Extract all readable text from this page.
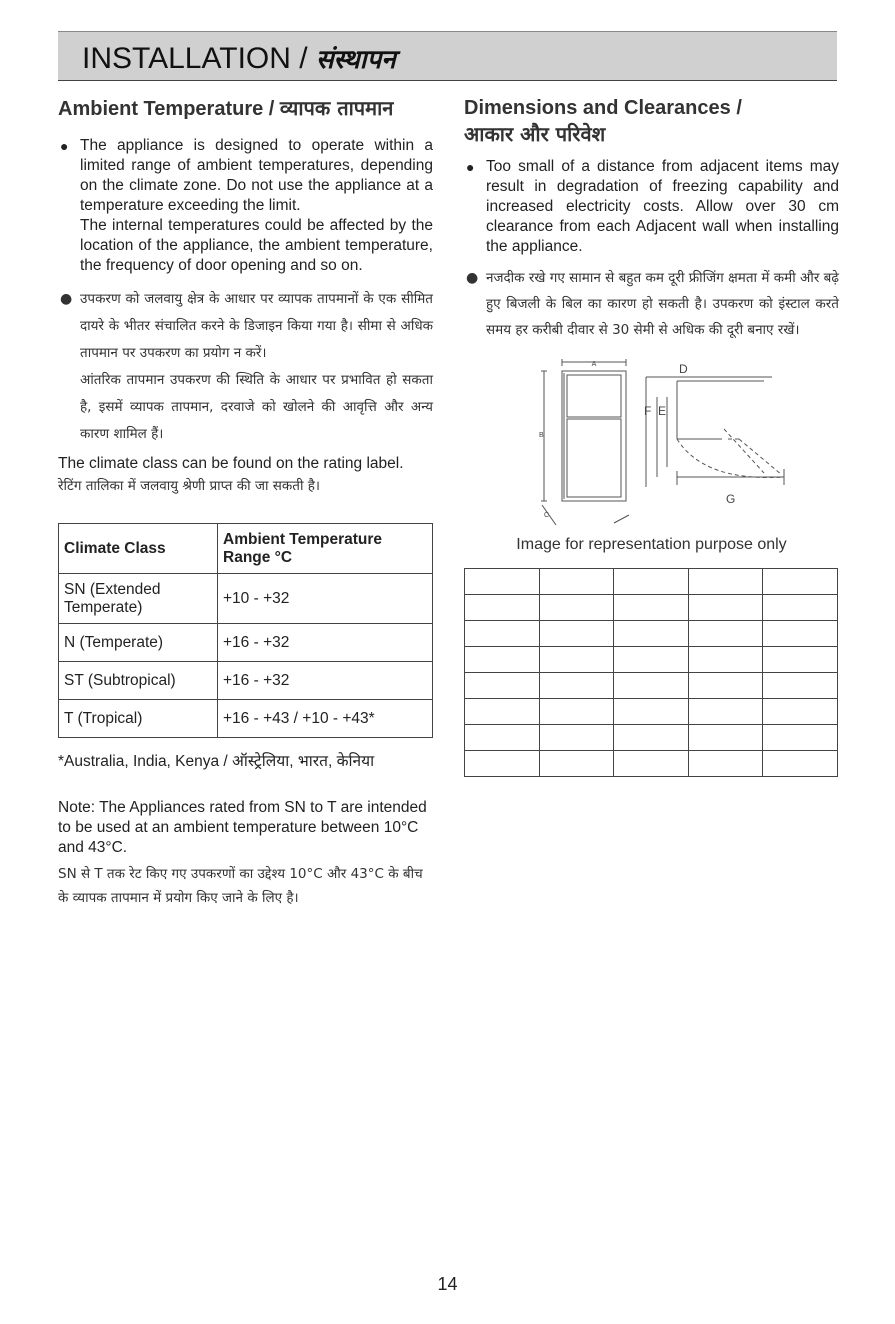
INSTALLATION / संस्थापन
Ambient Temperature / व्यापक तापमान
● The appliance is designed to operate within a limited range of ambient temperatures, depending on the climate zone. Do not use the appliance at a temperature exceeding the limit.
The internal temperatures could be affected by the location of the appliance, the ambient temperature, the frequency of door opening and so on.
● उपकरण को जलवायु क्षेत्र के आधार पर व्यापक तापमानों के एक सीमित दायरे के भीतर संचालित करने के डिजाइन किया गया है। सीमा से अधिक तापमान पर उपकरण का प्रयोग न करें।
आंतरिक तापमान उपकरण की स्थिति के आधार पर प्रभावित हो सकता है, इसमें व्यापक तापमान, दरवाजे को खोलने की आवृत्ति और अन्य कारण शामिल हैं।
The climate class can be found on the rating label.
रेटिंग तालिका में जलवायु श्रेणी प्राप्त की जा सकती है।
Climate Class	Ambient Temperature Range °C
SN (Extended Temperate)	+10 - +32
N (Temperate)	+16 - +32
ST (Subtropical)	+16 - +32
T (Tropical)	+16 - +43 / +10 - +43*
*Australia, India, Kenya / ऑस्ट्रेलिया, भारत, केनिया
Note: The Appliances rated from SN to T are intended to be used at an ambient temperature between 10°C and 43°C.
SN से T तक रेट किए गए उपकरणों का उद्देश्य 10°C और 43°C के बीच के व्यापक तापमान में प्रयोग किए जाने के लिए है।
Dimensions and Clearances /
आकार और परिवेश
● Too small of a distance from adjacent items may result in degradation of freezing capability and increased electricity costs. Allow over 30 cm clearance from each Adjacent wall when installing the appliance.
● नजदीक रखे गए सामान से बहुत कम दूरी फ्रीजिंग क्षमता में कमी और बढ़े हुए बिजली के बिल का कारण हो सकती है। उपकरण को इंस्टाल करते समय हर करीबी दीवार से 30 सेमी से अधिक की दूरी बनाए रखें।
A
B
C
D
F E
G
Image for representation purpose only

14
